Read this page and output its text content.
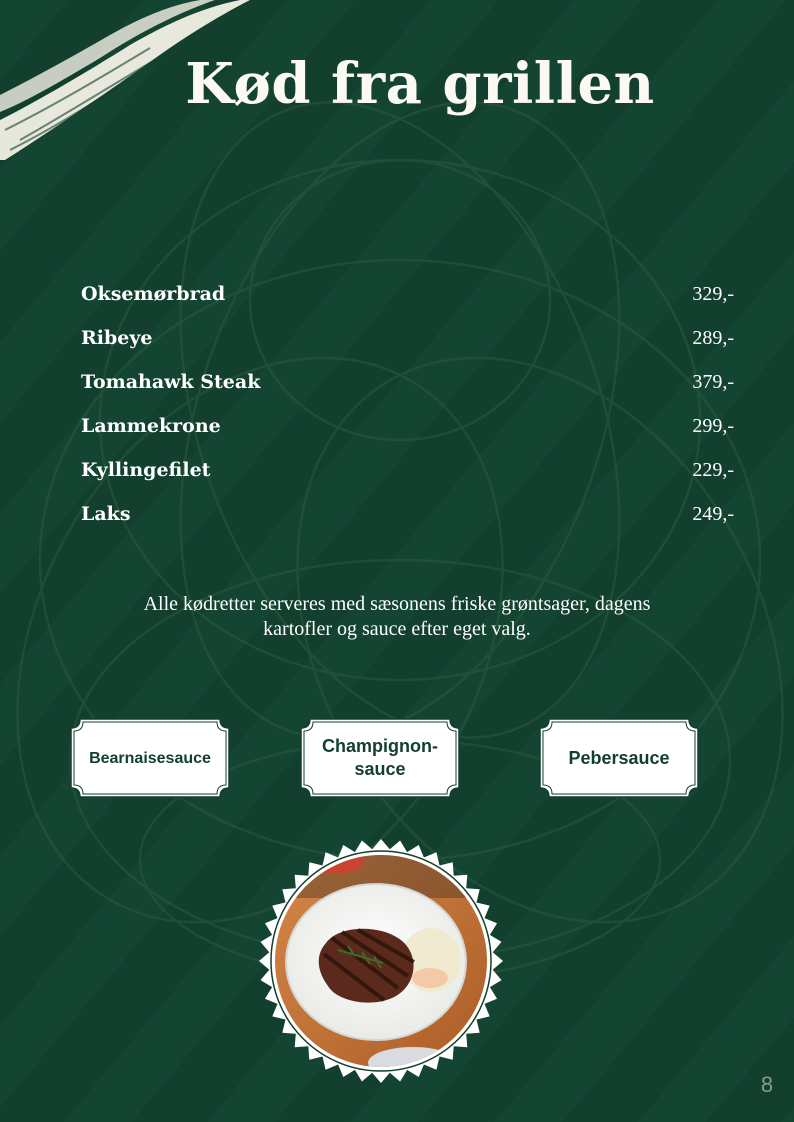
Kød fra grillen
Oksemørbrad	329,-
Ribeye	289,-
Tomahawk Steak	379,-
Lammekrone	299,-
Kyllingefilet	229,-
Laks	249,-
Alle kødretter serveres med sæsonens friske grøntsager, dagens
kartofler og sauce efter eget valg.
Bearnaisesauce
Champignon- sauce
Pebersauce
8
